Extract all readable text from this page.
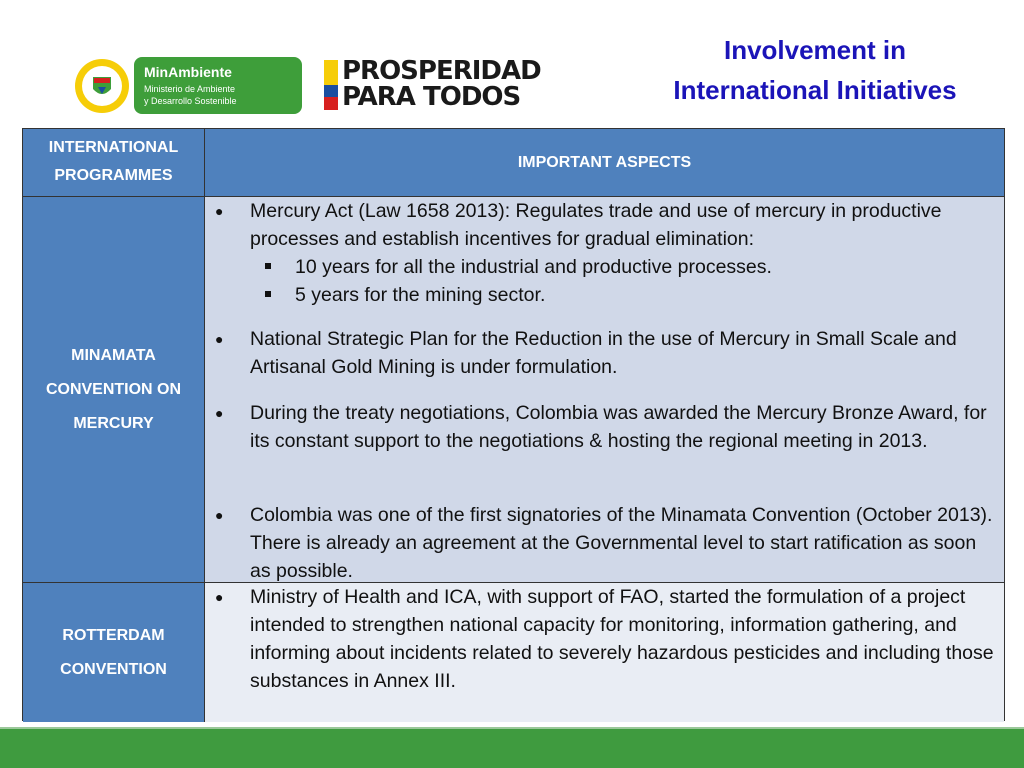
MinAmbiente
Ministerio de Ambiente
y Desarrollo Sostenible
PROSPERIDAD
PARA TODOS
Involvement in
International Initiatives
INTERNATIONAL PROGRAMMES
IMPORTANT ASPECTS
MINAMATA CONVENTION ON MERCURY
● Mercury Act (Law 1658 2013): Regulates trade and use of mercury in productive processes and establish incentives for gradual elimination:
10 years for all the industrial and productive processes.
5 years for the mining sector.
● National Strategic Plan for the Reduction in the use of Mercury in Small Scale and Artisanal Gold Mining is under formulation.
● During the treaty negotiations, Colombia was awarded the Mercury Bronze Award, for its constant support to the negotiations & hosting the regional meeting in 2013.
● Colombia was one of the first signatories of the Minamata Convention (October 2013). There is already an agreement at the Governmental level to start ratification as soon as possible.
ROTTERDAM CONVENTION
● Ministry of Health and ICA, with support of FAO, started the formulation of a project intended to strengthen national capacity for monitoring, information gathering, and informing about incidents related to severely hazardous pesticides and including those substances in Annex III.
